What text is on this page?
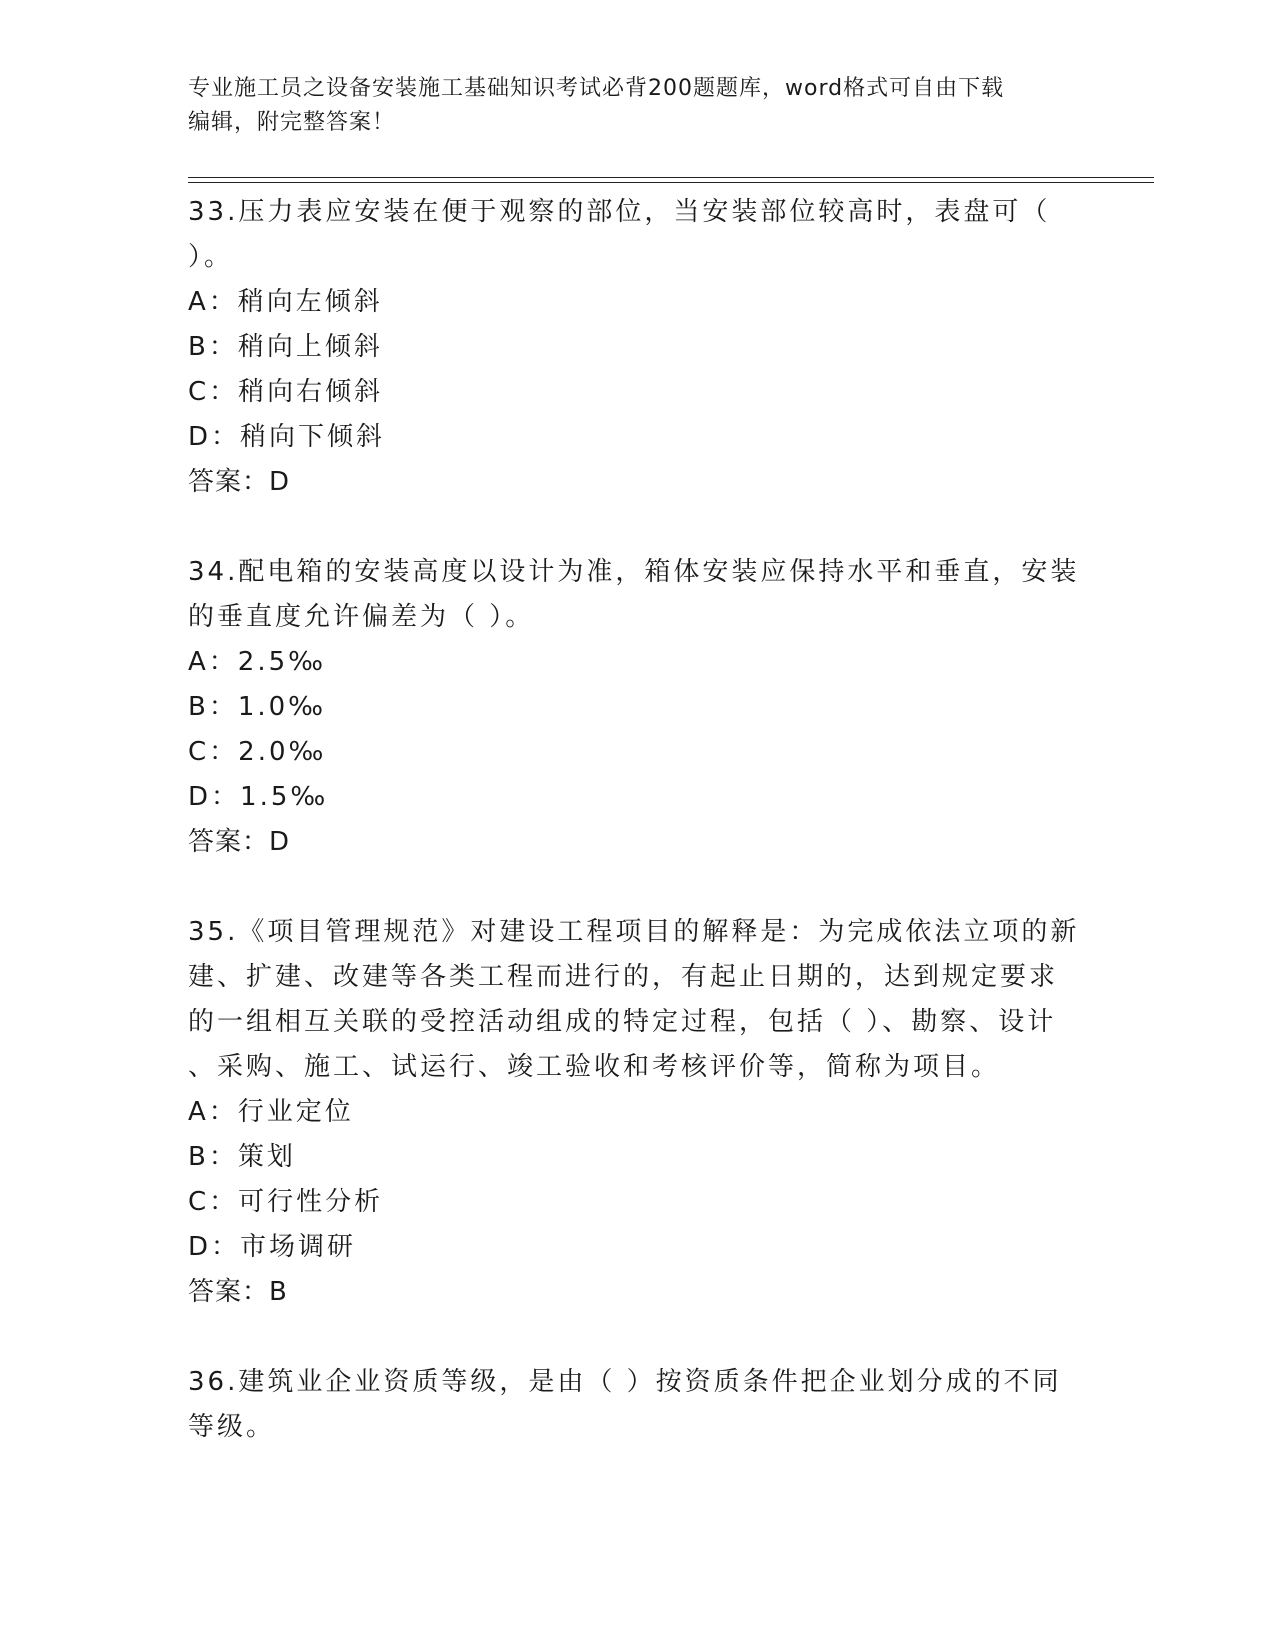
专业施工员之设备安装施工基础知识考试必背200题题库，word格式可自由下载
编辑，附完整答案！
33.压力表应安装在便于观察的部位，当安装部位较高时，表盘可（
）。
A：稍向左倾斜
B：稍向上倾斜
C：稍向右倾斜
D：稍向下倾斜
答案：D
34.配电箱的安装高度以设计为准，箱体安装应保持水平和垂直，安装
的垂直度允许偏差为（ ）。
A：2.5‰
B：1.0‰
C：2.0‰
D：1.5‰
答案：D
35.《项目管理规范》对建设工程项目的解释是：为完成依法立项的新
建、扩建、改建等各类工程而进行的，有起止日期的，达到规定要求
的一组相互关联的受控活动组成的特定过程，包括（ ）、勘察、设计
、采购、施工、试运行、竣工验收和考核评价等，简称为项目。
A：行业定位
B：策划
C：可行性分析
D：市场调研
答案：B
36.建筑业企业资质等级，是由（ ）按资质条件把企业划分成的不同
等级。
